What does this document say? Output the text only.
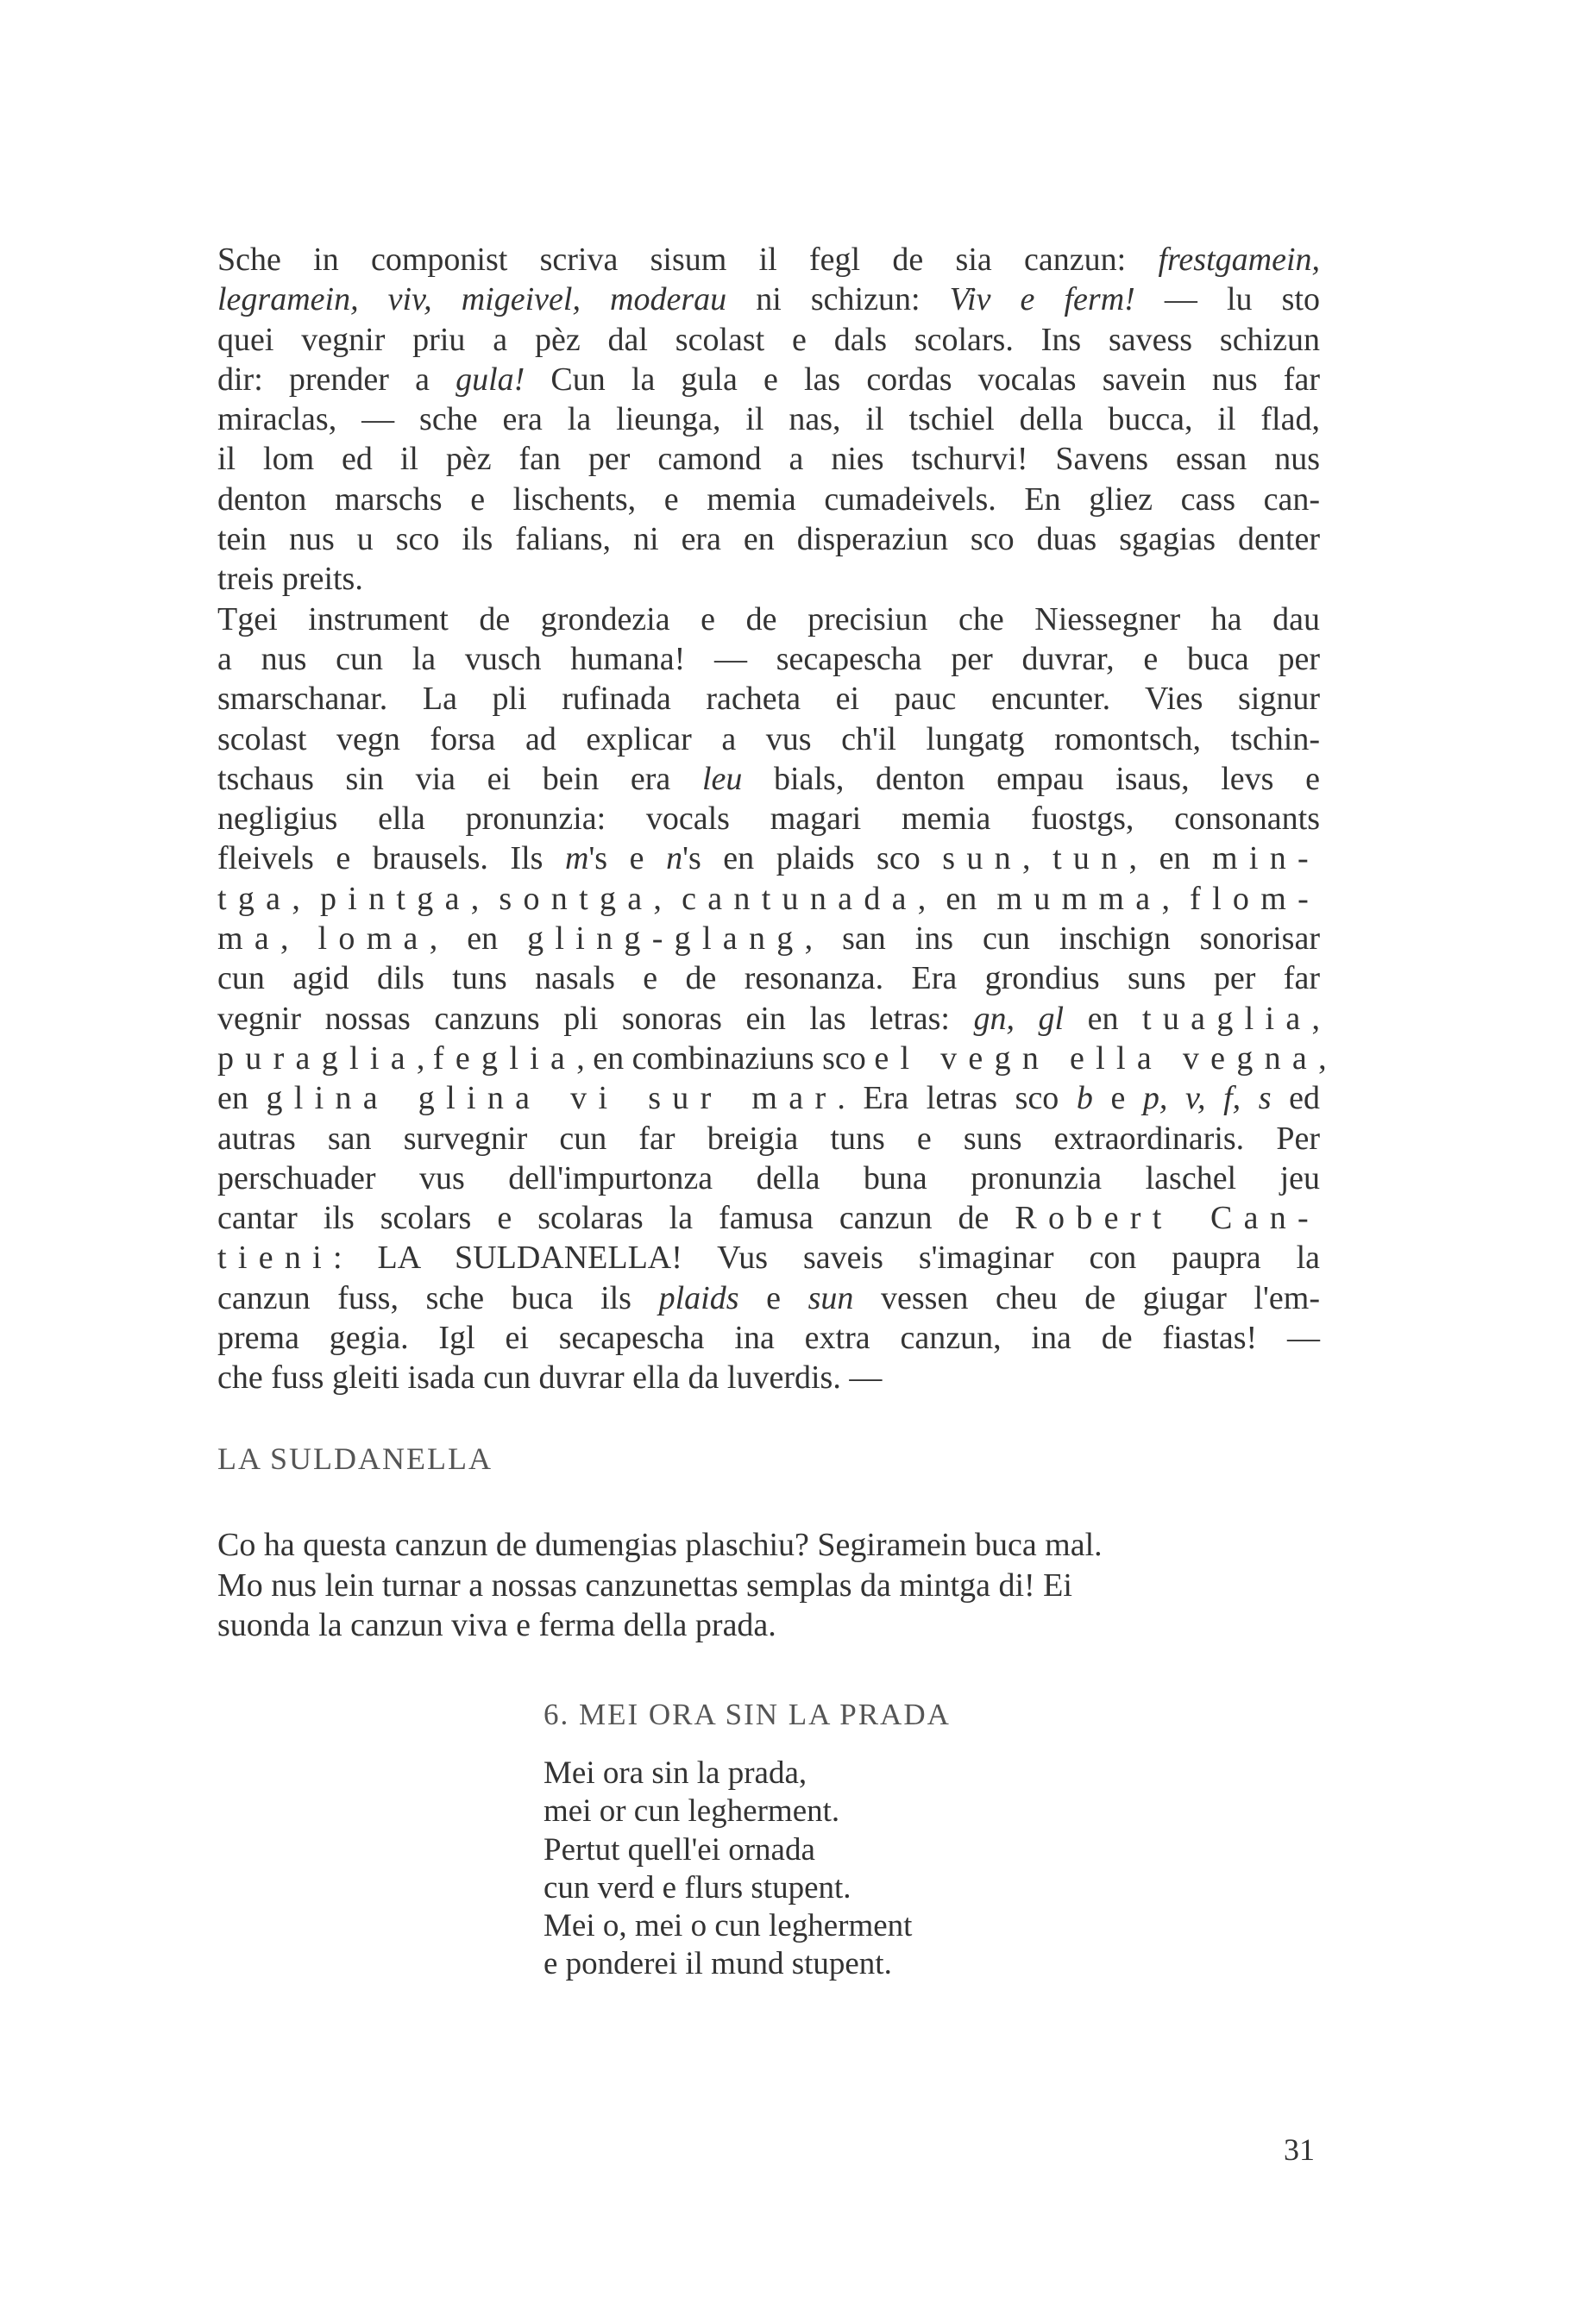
Sche in componist scriva sisum il fegl de sia canzun: frestgamein,
legramein, viv, migeivel, moderau ni schizun: Viv e ferm! — lu sto
quei vegnir priu a pèz dal scolast e dals scolars. Ins savess schizun
dir: prender a gula! Cun la gula e las cordas vocalas savein nus far
miraclas, — sche era la lieunga, il nas, il tschiel della bucca, il flad,
il lom ed il pèz fan per camond a nies tschurvi! Savens essan nus
denton marschs e lischents, e memia cumadeivels. En gliez cass can-
tein nus u sco ils falians, ni era en disperaziun sco duas sgagias denter
treis preits.
Tgei instrument de grondezia e de precisiun che Niessegner ha dau
a nus cun la vusch humana! — secapescha per duvrar, e buca per
smarschanar. La pli rufinada racheta ei pauc encunter. Vies signur
scolast vegn forsa ad explicar a vus ch'il lungatg romontsch, tschin-
tschaus sin via ei bein era leu bials, denton empau isaus, levs e
negligius ella pronunzia: vocals magari memia fuostgs, consonants
fleivels e brausels. Ils m's e n's en plaids sco sun, tun, en min-
tga, pintga, sontga, cantunada, en mumma, flom-
ma, loma, en gling-glang, san ins cun inschign sonorisar
cun agid dils tuns nasals e de resonanza. Era grondius suns per far
vegnir nossas canzuns pli sonoras ein las letras: gn, gl en tuaglia,
puraglia, feglia, en combinaziuns sco el vegn ella vegna,
en glina glina vi sur mar. Era letras sco b e p, v, f, s ed
autras san survegnir cun far breigia tuns e suns extraordinaris. Per
perschuader vus dell'impurtonza della buna pronunzia laschel jeu
cantar ils scolars e scolaras la famusa canzun de Robert Can-
tieni: LA SULDANELLA! Vus saveis s'imaginar con paupra la
canzun fuss, sche buca ils plaids e sun vessen cheu de giugar l'em-
prema gegia. Igl ei secapescha ina extra canzun, ina de fiastas! —
che fuss gleiti isada cun duvrar ella da luverdis. —
LA SULDANELLA
Co ha questa canzun de dumengias plaschiu? Segiramein buca mal.
Mo nus lein turnar a nossas canzunettas semplas da mintga di! Ei
suonda la canzun viva e ferma della prada.
6. MEI ORA SIN LA PRADA
Mei ora sin la prada,
mei or cun legherment.
Pertut quell'ei ornada
cun verd e flurs stupent.
Mei o, mei o cun legherment
e ponderei il mund stupent.
31
